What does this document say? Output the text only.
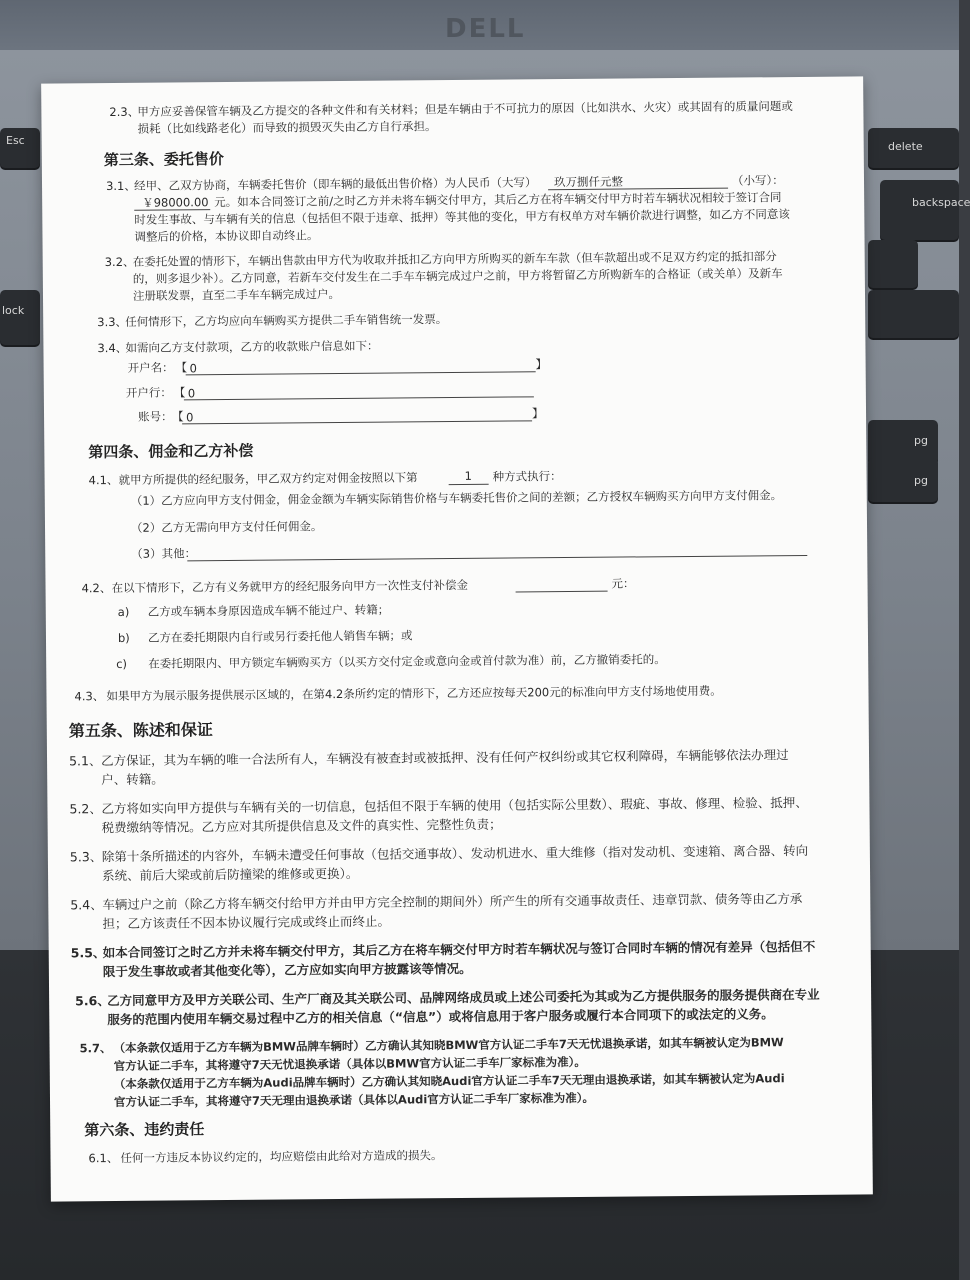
DELL
Esc	delete
backspace
lock
pg
pg
2.3、
甲方应妥善保管车辆及乙方提交的各种文件和有关材料；但是车辆由于不可抗力的原因（比如洪水、火灾）或其固有的质量问题或
损耗（比如线路老化）而导致的损毁灭失由乙方自行承担。
第三条、委托售价
3.1、
经甲、乙双方协商，车辆委托售价（即车辆的最低出售价格）为人民币（大写） 玖万捌仟元整	（小写）：
￥98000.00 元。如本合同签订之前/之时乙方并未将车辆交付甲方，其后乙方在将车辆交付甲方时若车辆状况相较于签订合同
时发生事故、与车辆有关的信息（包括但不限于违章、抵押）等其他的变化，甲方有权单方对车辆价款进行调整，如乙方不同意该
调整后的价格，本协议即自动终止。
3.2、
在委托处置的情形下，车辆出售款由甲方代为收取并抵扣乙方向甲方所购买的新车车款（但车款超出或不足双方约定的抵扣部分
的，则多退少补）。乙方同意，若新车交付发生在二手车车辆完成过户之前，甲方将暂留乙方所购新车的合格证（或关单）及新车
注册联发票，直至二手车车辆完成过户。
3.3、
任何情形下，乙方均应向车辆购买方提供二手车销售统一发票。
3.4、
如需向乙方支付款项，乙方的收款账户信息如下：
开户名： 【 0	】
开户行： 【 0
账号： 【 0	】
第四条、佣金和乙方补偿
4.1、 就甲方所提供的经纪服务，甲乙双方约定对佣金按照以下第	1 种方式执行：
（1）乙方应向甲方支付佣金，佣金金额为车辆实际销售价格与车辆委托售价之间的差额；乙方授权车辆购买方向甲方支付佣金。
（2）乙方无需向甲方支付任何佣金。
（3）其他：
4.2、 在以下情形下，乙方有义务就甲方的经纪服务向甲方一次性支付补偿金	元：
a) 乙方或车辆本身原因造成车辆不能过户、转籍；
b) 乙方在委托期限内自行或另行委托他人销售车辆；或
c) 在委托期限内、甲方锁定车辆购买方（以买方交付定金或意向金或首付款为准）前，乙方撤销委托的。
4.3、 如果甲方为展示服务提供展示区域的，在第4.2条所约定的情形下，乙方还应按每天200元的标准向甲方支付场地使用费。
第五条、陈述和保证
5.1、 乙方保证，其为车辆的唯一合法所有人，车辆没有被查封或被抵押、没有任何产权纠纷或其它权利障碍，车辆能够依法办理过
户、转籍。
5.2、 乙方将如实向甲方提供与车辆有关的一切信息，包括但不限于车辆的使用（包括实际公里数）、瑕疵、事故、修理、检验、抵押、
税费缴纳等情况。乙方应对其所提供信息及文件的真实性、完整性负责；
5.3、 除第十条所描述的内容外，车辆未遭受任何事故（包括交通事故）、发动机进水、重大维修（指对发动机、变速箱、离合器、转向
系统、前后大梁或前后防撞梁的维修或更换）。
5.4、 车辆过户之前（除乙方将车辆交付给甲方并由甲方完全控制的期间外）所产生的所有交通事故责任、违章罚款、债务等由乙方承
担；乙方该责任不因本协议履行完成或终止而终止。
5.5、
如本合同签订之时乙方并未将车辆交付甲方，其后乙方在将车辆交付甲方时若车辆状况与签订合同时车辆的情况有差异（包括但不
限于发生事故或者其他变化等），乙方应如实向甲方披露该等情况。
5.6、
乙方同意甲方及甲方关联公司、生产厂商及其关联公司、品牌网络成员或上述公司委托为其或为乙方提供服务的服务提供商在专业
服务的范围内使用车辆交易过程中乙方的相关信息（“信息”）或将信息用于客户服务或履行本合同项下的或法定的义务。
5.7、 （本条款仅适用于乙方车辆为BMW品牌车辆时）乙方确认其知晓BMW官方认证二手车7天无忧退换承诺，如其车辆被认定为BMW
官方认证二手车，其将遵守7天无忧退换承诺（具体以BMW官方认证二手车厂家标准为准）。
（本条款仅适用于乙方车辆为Audi品牌车辆时）乙方确认其知晓Audi官方认证二手车7天无理由退换承诺，如其车辆被认定为Audi
官方认证二手车，其将遵守7天无理由退换承诺（具体以Audi官方认证二手车厂家标准为准）。
第六条、违约责任
6.1、 任何一方违反本协议约定的，均应赔偿由此给对方造成的损失。
